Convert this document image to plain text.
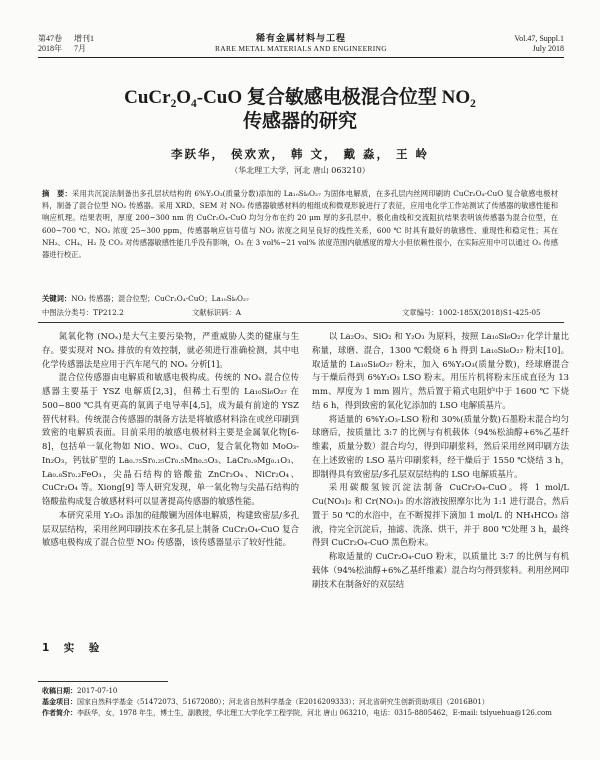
第47卷 增刊1
2018年 7月
稀有金属材料与工程
RARE METAL MATERIALS AND ENGINEERING
Vol.47, Suppl.1
July 2018
CuCr₂O₄-CuO 复合敏感电极混合位型 NO₂
传感器的研究
李跃华， 侯欢欢， 韩 文， 戴 淼， 王 岭
（华北理工大学，河北 唐山 063210）
摘　要：采用共沉淀法制备出多孔层状结构的 6%Y₂O₃(质量分数)添加的 La₁₀Si₆O₂₇ 为固体电解质，在多孔层内丝网印刷的 CuCr₂O₄-CuO 复合敏感电极材料，制备了混合位型 NO₂ 传感器。采用 XRD、SEM 对 NO₂ 传感器敏感材料的相组成和微观形貌进行了表征，应用电化学工作站测试了传感器的敏感性能和响应机理。结果表明，厚度 200~300 nm 的 CuCr₂O₄-CuO 均匀分布在约 20 μm 厚的多孔层中。极化曲线和交流阻抗结果表明该传感器为混合位型，在 600~700 ℃、NO₂ 浓度 25~300 ppm，传感器响应信号值与 NO₂ 浓度之间呈良好的线性关系，600 ℃ 时具有最好的敏感性、重现性和稳定性；其在 NH₃、CH₄、H₂ 及 CO₂ 对传感器敏感性能几乎没有影响，O₂ 在 3 vol%~21 vol% 浓度范围内敏感度的增大小但依赖性很小，在实际应用中可以通过 O₂ 传感器进行校正。
关键词：NO₂ 传感器；混合位型；CuCr₂O₄-CuO；La₁₀Si₆O₂₇
中图法分类号：TP212.2	文献标识码：A	文章编号：1002-185X(2018)S1-425-05

氮氧化物 (NOₓ)是大气主要污染物，严重威胁人类的健康与生存。要实现对 NOₓ 排放的有效控制，就必须进行准确检测，其中电化学传感器法是应用于汽车尾气的 NOₓ 分析[1]。

混合位传感器由电解质和敏感电极构成。传统的 NOₓ 混合位传感器主要基于 YSZ 电解质[2,3]，但稀土石型的 La₁₀Si₆O₂₇ 在 500~800 ℃具有更高的氧离子电导率[4,5]，成为最有前途的 YSZ 替代材料。传统混合传感器的制备方法是将敏感材料涂在或丝印刷到致密的电解质表面。目前采用的敏感电极材料主要是金属氧化物[6-8]，包括单一氧化物如 NiO、WO₃、CuO，复合氧化物如 MoO₃-In₂O₃，钙钛矿型的 La₀.₇₅Sr₀.₂₅Cr₀.₅Mn₀.₅O₃、LaCr₀.₉Mg₀.₁O₃、La₀.₈Sr₀.₂FeO₃，尖晶石结构的铬酸盐 ZnCr₂O₄、NiCr₂O₄、CuCr₂O₄ 等。Xiong[9] 等人研究发现，单一氧化物与尖晶石结构的铬酸盐构成复合敏感材料可以显著提高传感器的敏感性能。

本研究采用 Y₂O₃ 添加的硅酸镧为固体电解质，构建致密层/多孔层双层结构，采用丝网印刷技术在多孔层上制备 CuCr₂O₄-CuO 复合敏感电极构成了混合位型 NO₂ 传感器，该传感器显示了较好性能。

1　实　验

以 La₂O₃、SiO₂ 和 Y₂O₃ 为原料，按照 La₁₀Si₆O₂₇ 化学计量比称量，球磨、混合，1300 ℃煅烧 6 h 得到 La₁₀Si₆O₂₇ 粉末[10]。取适量的 La₁₀Si₆O₂₇ 粉末，加入 6%Y₂O₃(质量分数)，经球磨混合与干燥后得到 6%Y₂O₃ LSO 粉末。用压片机将粉末压成直径为 13 mm、厚度为 1 mm 圆片，然后置于箱式电阻炉中于 1600 ℃ 下烧结 6 h，得到致密的氧化钇添加的 LSO 电解质基片。

将适量的 6%Y₂O₃-LSO 粉和 30%(质量分数)石墨粉末混合均匀球磨后，按质量比 3:7 的比例与有机载体（94%松油醇+6%乙基纤维素，质量分数）混合均匀，得到印刷浆料，然后采用丝网印刷方法在上述致密的 LSO 基片印刷浆料，经干燥后于 1550 ℃烧结 3 h，即制得具有致密层/多孔层双层结构的 LSO 电解质基片。

采用碳酸氢铵沉淀法制备 CuCr₂O₄-CuO。将 1 mol/L Cu(NO₃)₂ 和 Cr(NO₃)₃ 的水溶液按照摩尔比为 1:1 进行混合，然后置于 50 ℃的水浴中，在不断搅拌下滴加 1 mol/L 的 NH₄HCO₃ 溶液，待完全沉淀后，抽滤、洗涤、烘干，并于 800 ℃处理 3 h，最终得到 CuCr₂O₄-CuO 黑色粉末。

称取适量的 CuCr₂O₄-CuO 粉末，以质量比 3:7 的比例与有机载体（94%松油醇+6%乙基纤维素）混合均匀得到浆料。利用丝网印刷技术在制备好的双层结

收稿日期：2017-07-10
基金项目：国家自然科学基金（51472073、51672080）；河北省自然科学基金（E2016209333）；河北省研究生创新资助项目（2016B01）
作者简介：李跃华，女，1978 年生，博士生，副教授，华北理工大学化学工程学院，河北 唐山 063210，电话：0315-8805462，E-mail: tslyuehua@126.com
